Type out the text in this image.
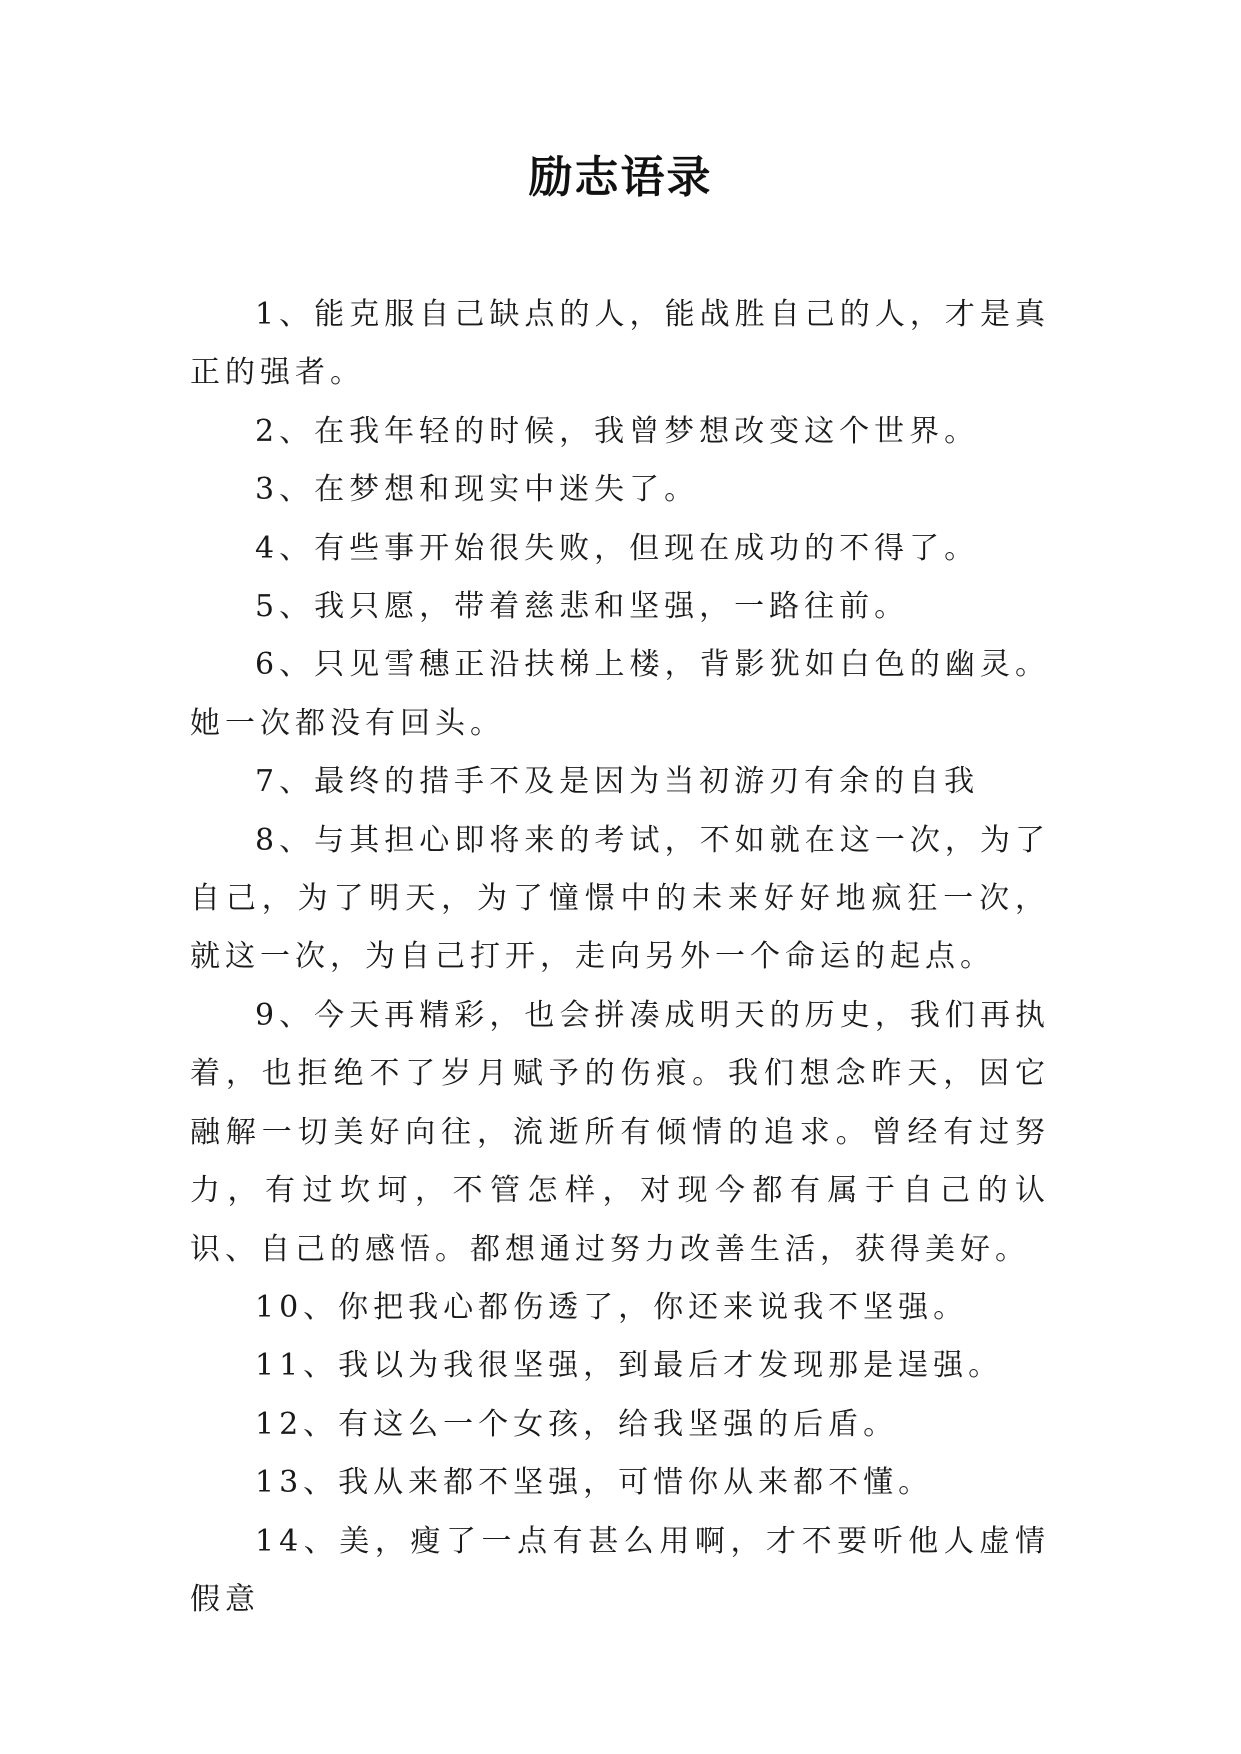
励志语录

1、能克服自己缺点的人，能战胜自己的人，才是真正的强者。

2、在我年轻的时候，我曾梦想改变这个世界。

3、在梦想和现实中迷失了。

4、有些事开始很失败，但现在成功的不得了。

5、我只愿，带着慈悲和坚强，一路往前。

6、只见雪穗正沿扶梯上楼，背影犹如白色的幽灵。她一次都没有回头。

7、最终的措手不及是因为当初游刃有余的自我

8、与其担心即将来的考试，不如就在这一次，为了自己，为了明天，为了憧憬中的未来好好地疯狂一次，就这一次，为自己打开，走向另外一个命运的起点。

9、今天再精彩，也会拼凑成明天的历史，我们再执着，也拒绝不了岁月赋予的伤痕。我们想念昨天，因它融解一切美好向往，流逝所有倾情的追求。曾经有过努力，有过坎坷，不管怎样，对现今都有属于自己的认识、自己的感悟。都想通过努力改善生活，获得美好。

10、你把我心都伤透了，你还来说我不坚强。

11、我以为我很坚强，到最后才发现那是逞强。

12、有这么一个女孩，给我坚强的后盾。

13、我从来都不坚强，可惜你从来都不懂。

14、美，瘦了一点有甚么用啊，才不要听他人虚情假意
